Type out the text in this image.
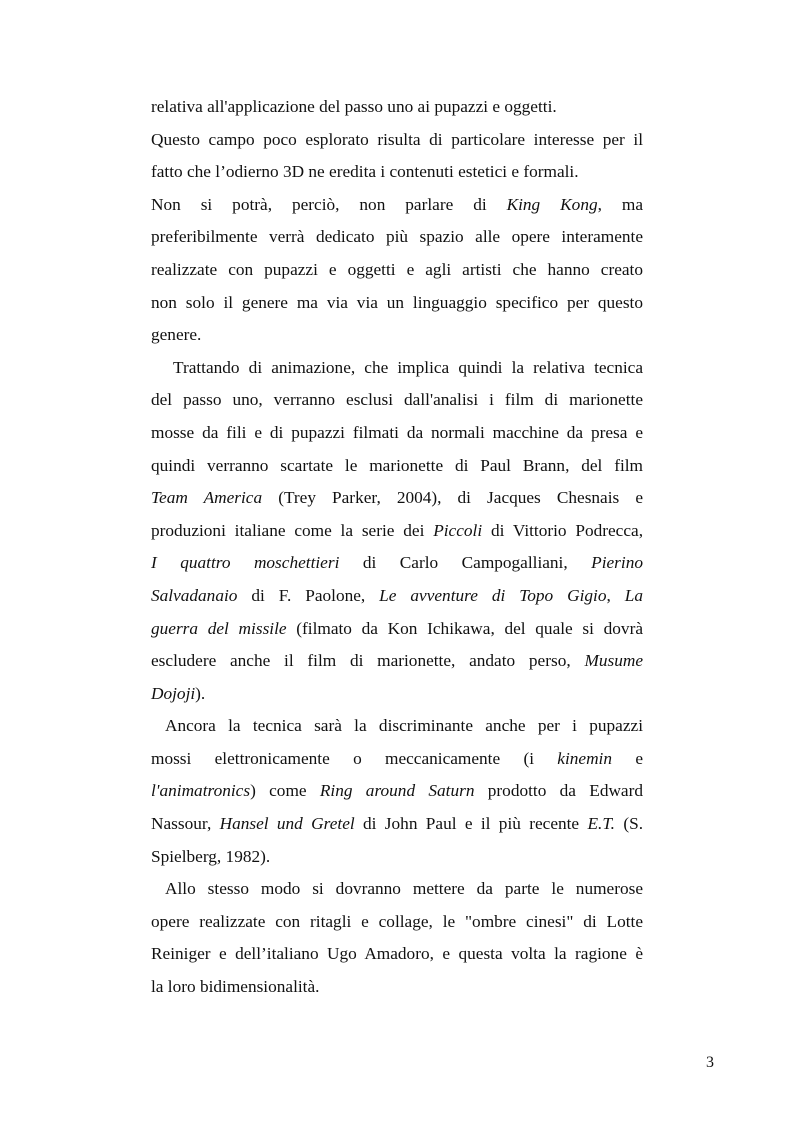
relativa all'applicazione del passo uno ai pupazzi e oggetti.
Questo campo poco esplorato risulta di particolare interesse per il
fatto che l’odierno 3D ne eredita i contenuti estetici e formali.
Non si potrà, perciò, non parlare di King Kong, ma
preferibilmente verrà dedicato più spazio alle opere interamente
realizzate con pupazzi e oggetti e agli artisti che hanno creato
non solo il genere ma via via un linguaggio specifico per questo
genere.
Trattando di animazione, che implica quindi la relativa tecnica
del passo uno, verranno esclusi dall'analisi i film di marionette
mosse da fili e di pupazzi filmati da normali macchine da presa e
quindi verranno scartate le marionette di Paul Brann, del film
Team America (Trey Parker, 2004), di Jacques Chesnais e
produzioni italiane come la serie dei Piccoli di Vittorio Podrecca,
I quattro moschettieri di Carlo Campogalliani, Pierino
Salvadanaio di F. Paolone, Le avventure di Topo Gigio, La
guerra del missile (filmato da Kon Ichikawa, del quale si dovrà
escludere anche il film di marionette, andato perso, Musume
Dojoji).
Ancora la tecnica sarà la discriminante anche per i pupazzi
mossi elettronicamente o meccanicamente (i kinemin e
l'animatronics) come Ring around Saturn prodotto da Edward
Nassour, Hansel und Gretel di John Paul e il più recente E.T. (S.
Spielberg, 1982).
Allo stesso modo si dovranno mettere da parte le numerose
opere realizzate con ritagli e collage, le "ombre cinesi" di Lotte
Reiniger e dell’italiano Ugo Amadoro, e questa volta la ragione è
la loro bidimensionalità.
3
